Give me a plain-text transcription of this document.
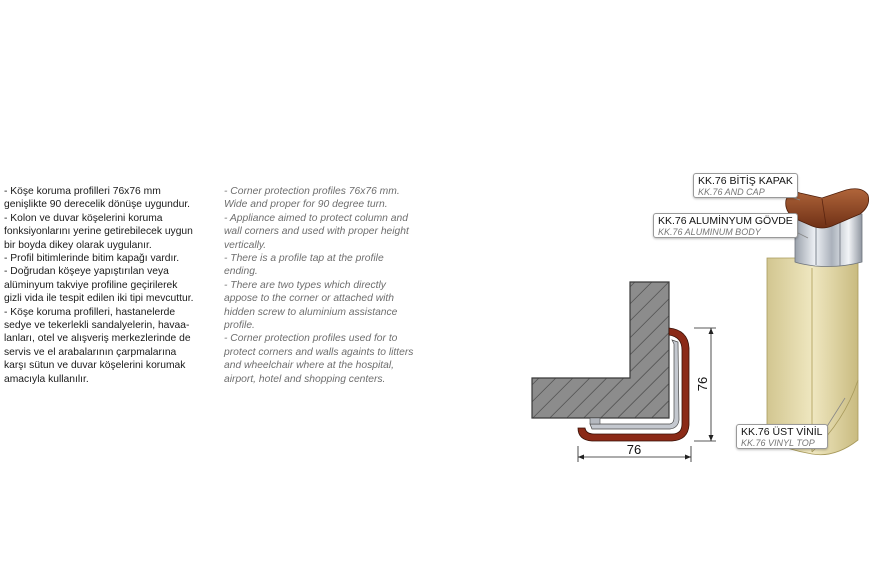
- Köşe koruma profilleri 76x76 mm
genişlikte 90 derecelik dönüşe uygundur.
- Kolon ve duvar köşelerini koruma
fonksiyonlarını yerine getirebilecek uygun
bir boyda dikey olarak uygulanır.
- Profil bitimlerinde bitim kapağı vardır.
- Doğrudan köşeye yapıştırılan veya
alüminyum takviye profiline geçirilerek
gizli vida ile tespit edilen iki tipi mevcuttur.
- Köşe koruma profilleri, hastanelerde
sedye ve tekerlekli sandalyelerin, havaa-
lanları, otel ve alışveriş merkezlerinde de
servis ve el arabalarının çarpmalarına
karşı sütun ve duvar köşelerini korumak
amacıyla kullanılır.
- Corner protection profiles 76x76 mm.
Wide and proper for 90 degree turn.
- Appliance aimed to protect column and
wall corners and used with proper height
vertically.
- There is a profile tap at the profile
ending.
- There are two types which directly
appose to the corner or attached with
hidden screw to aluminium assistance
profile.
- Corner protection profiles used for to
protect corners and walls againts to litters
and wheelchair where at the hospital,
airport, hotel and shopping centers.
76
76
KK.76 BİTİŞ KAPAK
KK.76 AND CAP
KK.76 ALUMİNYUM GÖVDE
KK.76 ALUMINUM BODY
KK.76 ÜST VİNİL
KK.76 VINYL TOP
